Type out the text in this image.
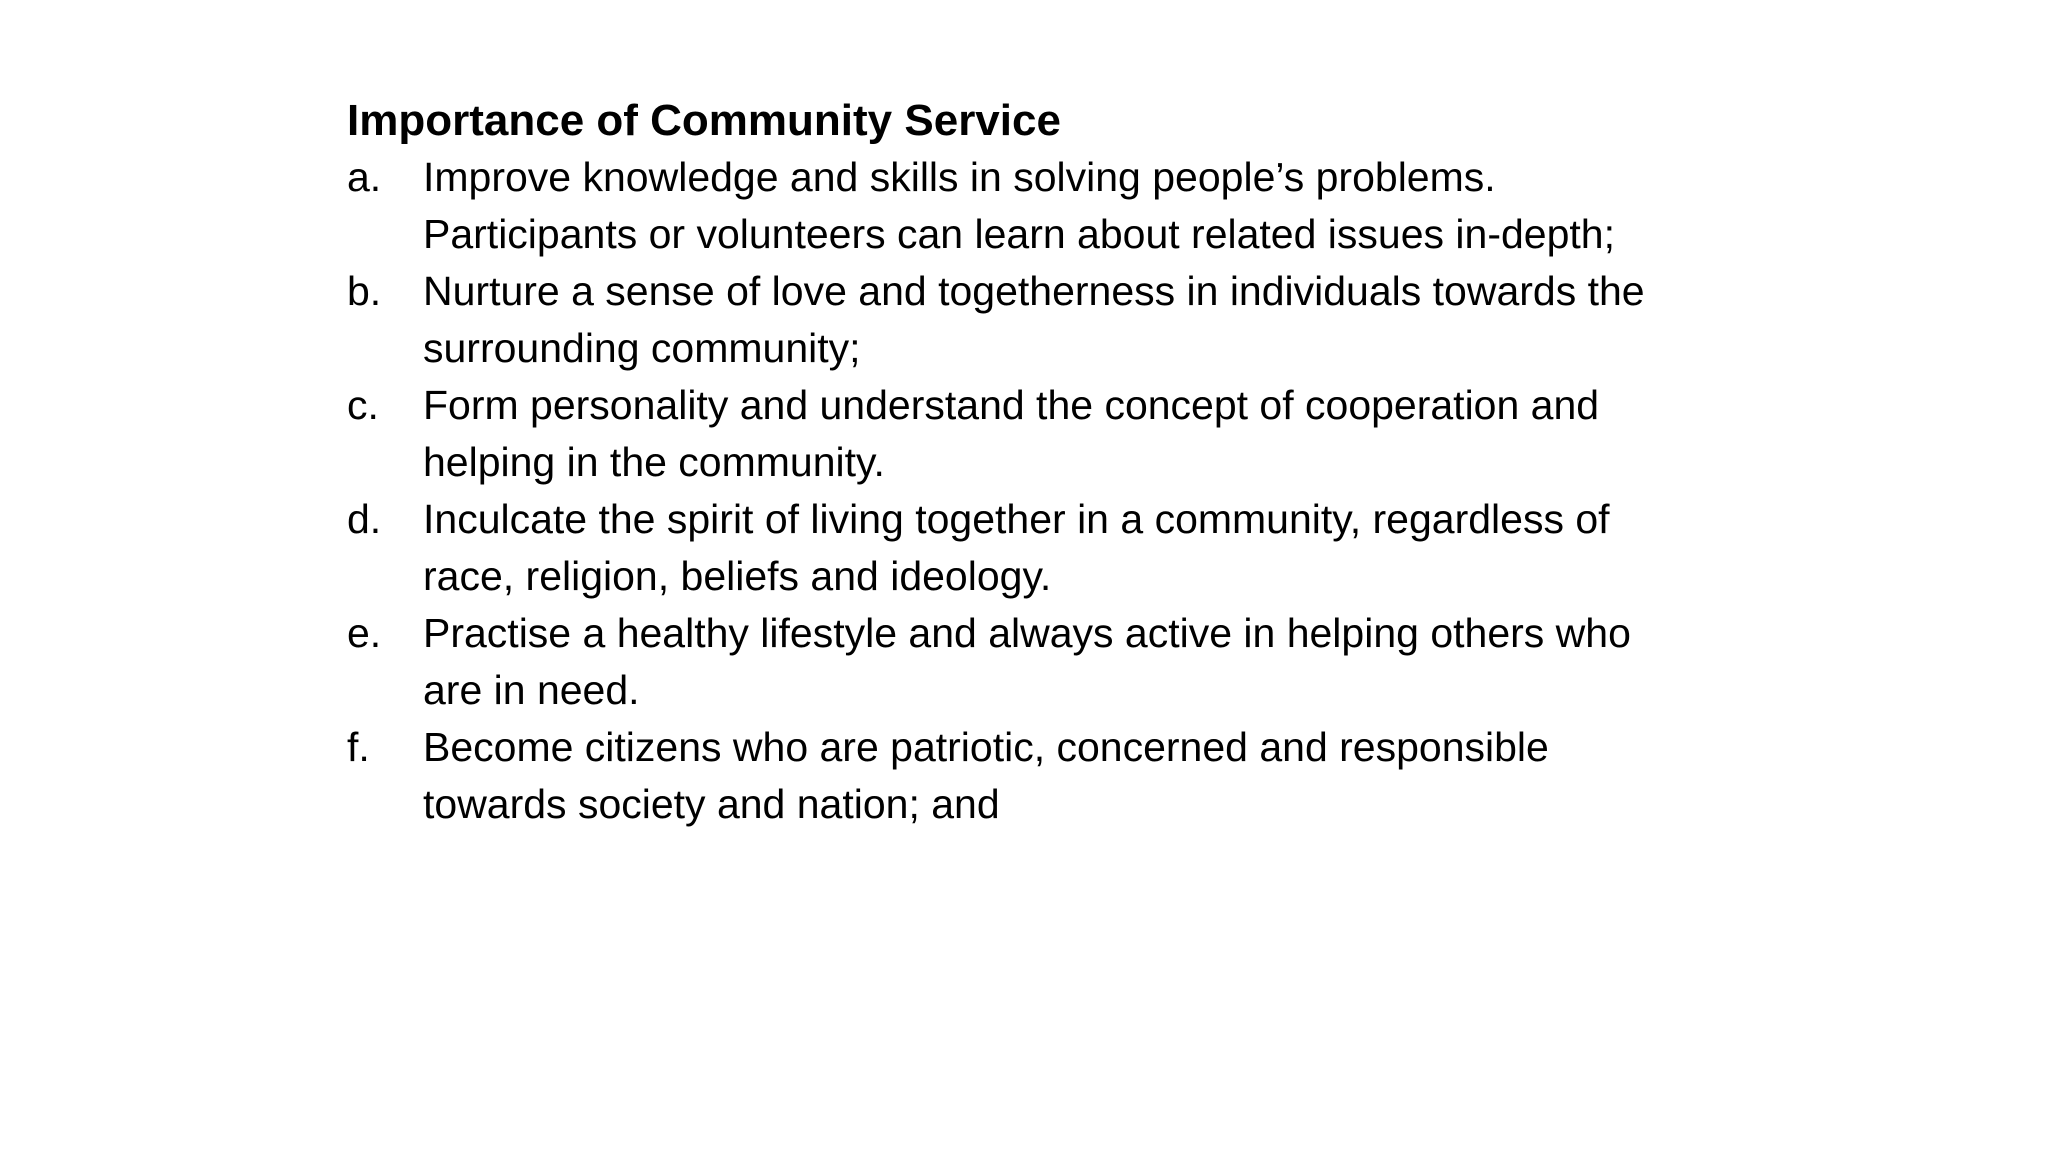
Importance of Community Service
a.	Improve knowledge and skills in solving people’s problems.
Participants or volunteers can learn about related issues in-depth;
b.	Nurture a sense of love and togetherness in individuals towards the
surrounding community;
c.	Form personality and understand the concept of cooperation and
helping in the community.
d.	Inculcate the spirit of living together in a community, regardless of
race, religion, beliefs and ideology.
e.	Practise a healthy lifestyle and always active in helping others who
are in need.
f.	Become citizens who are patriotic, concerned and responsible
towards society and nation; and
